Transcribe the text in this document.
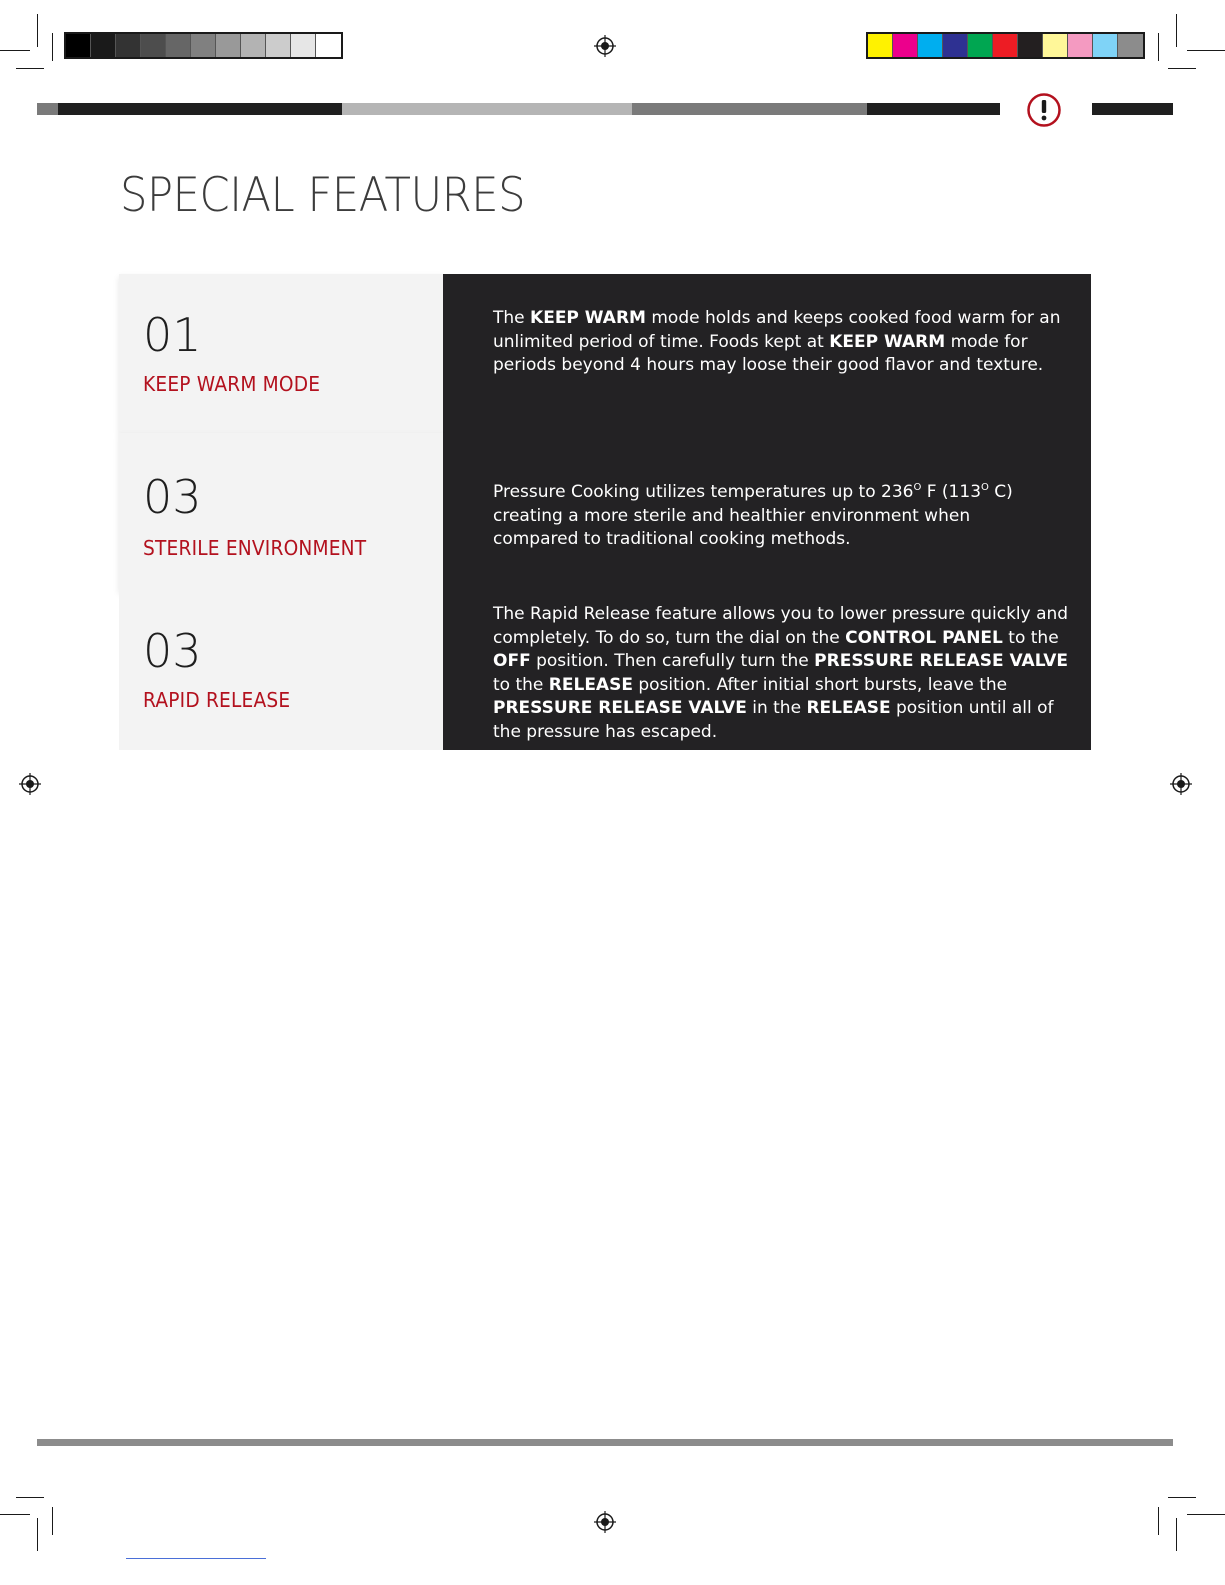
SPECIAL FEATURES

01

KEEP WARM MODE

The KEEP WARM mode holds and keeps cooked food warm for an unlimited period of time. Foods kept at KEEP WARM mode for periods beyond 4 hours may loose their good flavor and texture.

03

STERILE ENVIRONMENT

Pressure Cooking utilizes temperatures up to $236^O$ F ($113^O$ C) creating a more sterile and healthier environment when compared to traditional cooking methods.

03

RAPID RELEASE

The Rapid Release feature allows you to lower pressure quickly and completely. To do so, turn the dial on the CONTROL PANEL to the OFF position. Then carefully turn the PRESSURE RELEASE VALVE to the RELEASE position. After initial short bursts, leave the PRESSURE RELEASE VALVE in the RELEASE position until all of the pressure has escaped.
